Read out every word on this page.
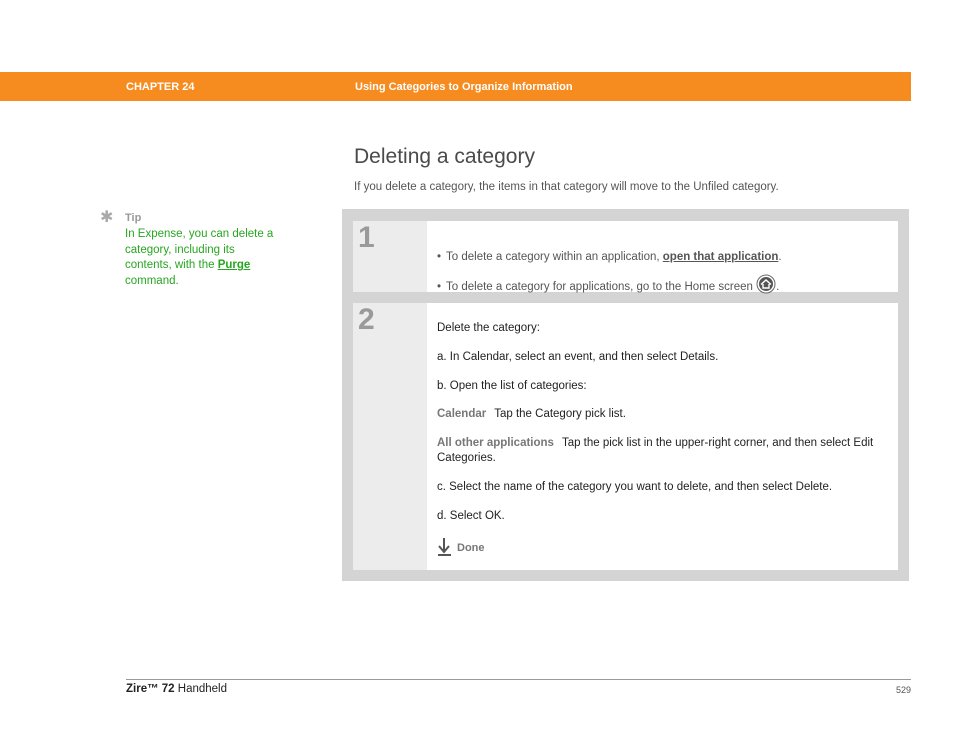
CHAPTER 24	Using Categories to Organize Information
Deleting a category
If you delete a category, the items in that category will move to the Unfiled category.
✱ Tip
In Expense, you can delete a category, including its contents, with the Purge command.
1
• To delete a category within an application, open that application.
• To delete a category for applications, go to the Home screen .
2	Delete the category:
a. In Calendar, select an event, and then select Details.
b. Open the list of categories:
Calendar Tap the Category pick list.
All other applications Tap the pick list in the upper-right corner, and then select Edit Categories.
c. Select the name of the category you want to delete, and then select Delete.
d. Select OK.
Done
Zire™ 72 Handheld	529
